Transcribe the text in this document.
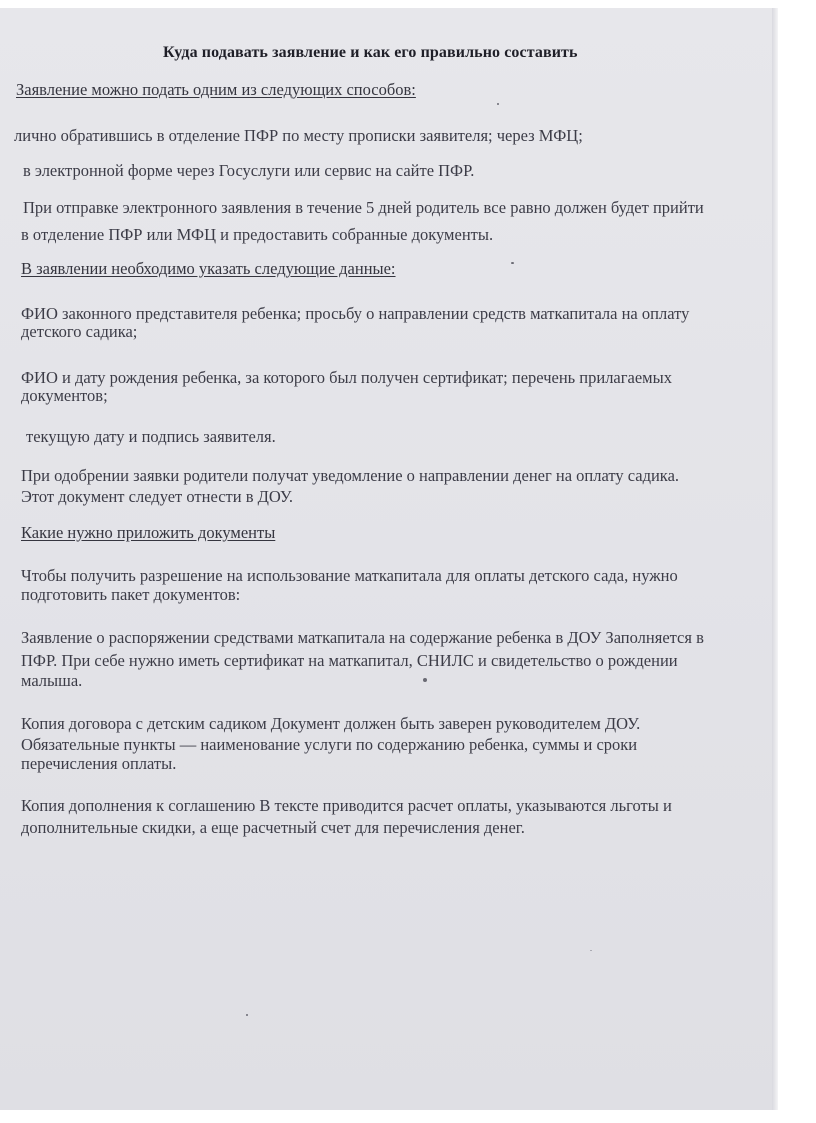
Куда подавать заявление и как его правильно составить
Заявление можно подать одним из следующих способов:
лично обратившись в отделение ПФР по месту прописки заявителя; через МФЦ;
в электронной форме через Госуслуги или сервис на сайте ПФР.
При отправке электронного заявления в течение 5 дней родитель все равно должен будет прийти
в отделение ПФР или МФЦ и предоставить собранные документы.
В заявлении необходимо указать следующие данные:
ФИО законного представителя ребенка; просьбу о направлении средств маткапитала на оплату
детского садика;
ФИО и дату рождения ребенка, за которого был получен сертификат; перечень прилагаемых
документов;
текущую дату и подпись заявителя.
При одобрении заявки родители получат уведомление о направлении денег на оплату садика.
Этот документ следует отнести в ДОУ.
Какие нужно приложить документы
Чтобы получить разрешение на использование маткапитала для оплаты детского сада, нужно
подготовить пакет документов:
Заявление о распоряжении средствами маткапитала на содержание ребенка в ДОУ Заполняется в
ПФР. При себе нужно иметь сертификат на маткапитал, СНИЛС и свидетельство о рождении
малыша.
Копия договора с детским садиком Документ должен быть заверен руководителем ДОУ.
Обязательные пункты — наименование услуги по содержанию ребенка, суммы и сроки
перечисления оплаты.
Копия дополнения к соглашению В тексте приводится расчет оплаты, указываются льготы и
дополнительные скидки, а еще расчетный счет для перечисления денег.
